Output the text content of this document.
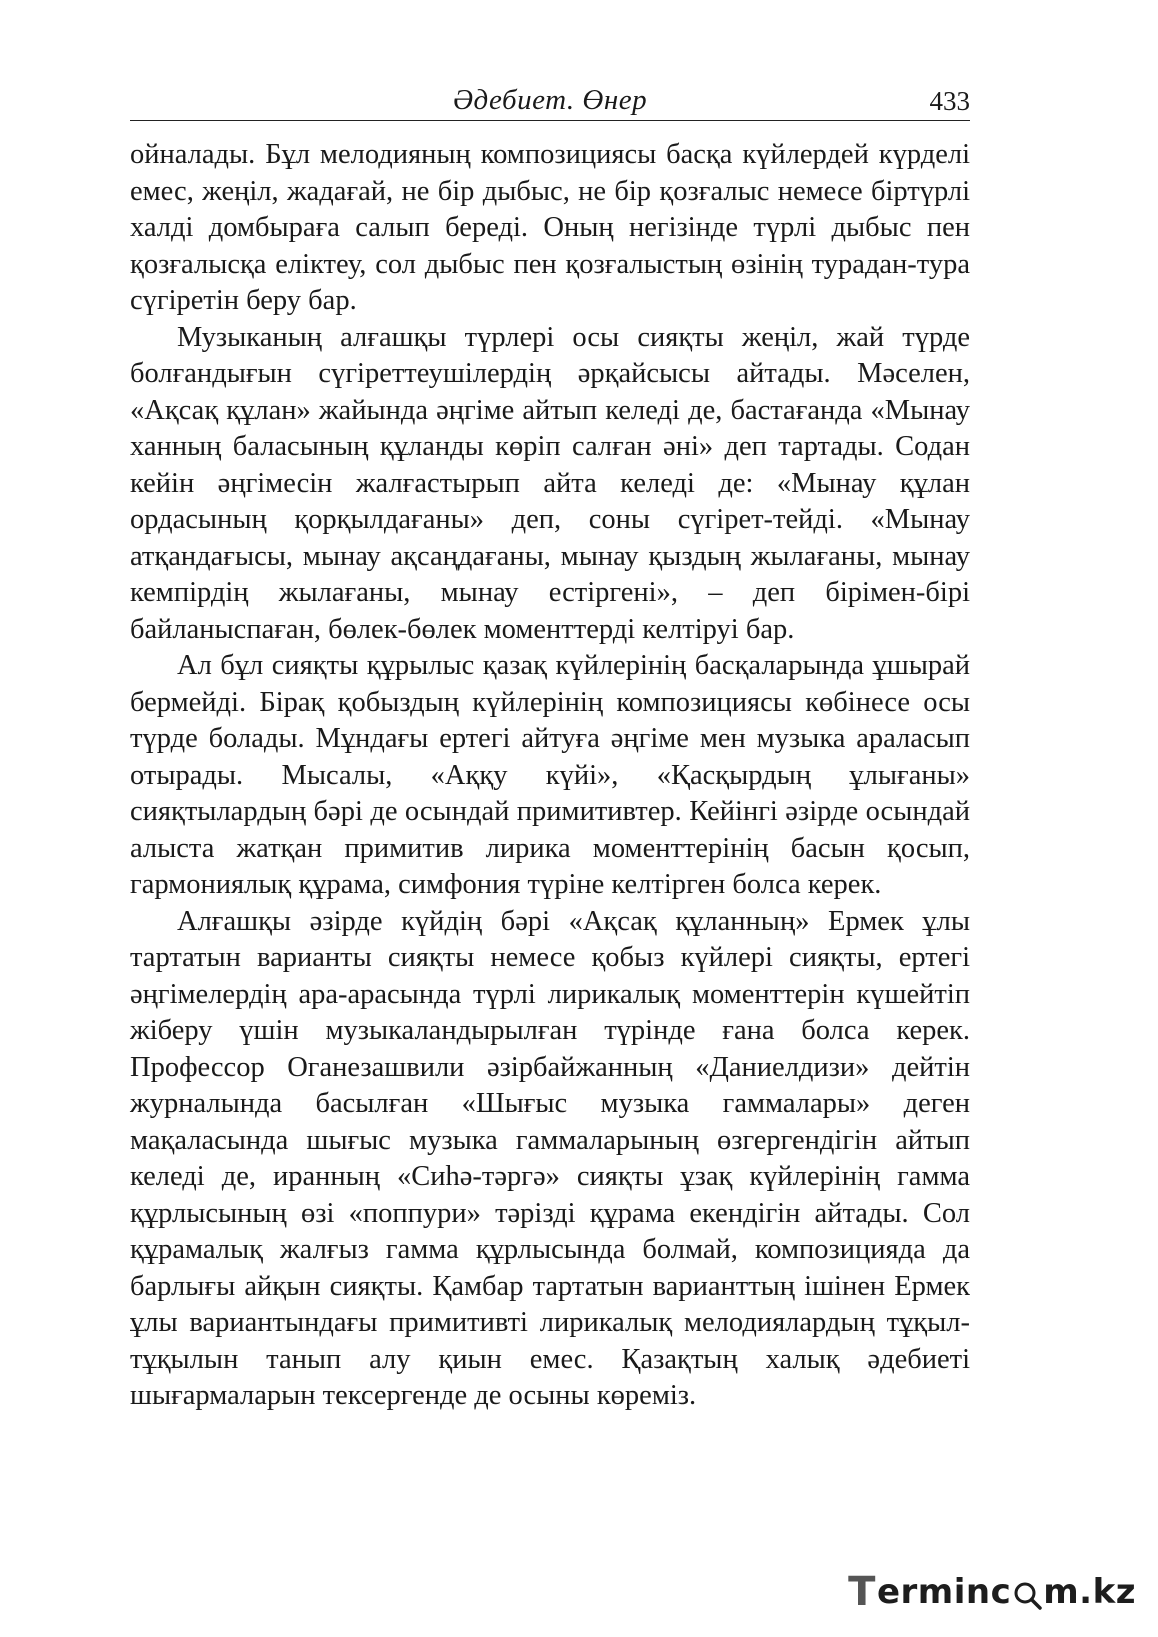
Әдебиет. Өнер	433

ойналады. Бұл мелодияның композициясы басқа күйлердей күрделі емес, жеңіл, жадағай, не бір дыбыс, не бір қозғалыс немесе біртүрлі халді домбыраға салып береді. Оның негізінде түрлі дыбыс пен қозғалысқа еліктеу, сол дыбыс пен қозғалыстың өзінің турадан-тура сүгіретін беру бар.

Музыканың алғашқы түрлері осы сияқты жеңіл, жай түрде болғандығын сүгіреттеушілердің әрқайсысы айтады. Мәселен, «Ақсақ құлан» жайында әңгіме айтып келеді де, бастағанда «Мынау ханның баласының құланды көріп салған әні» деп тартады. Содан кейін әңгімесін жалғастырып айта келеді де: «Мынау құлан ордасының қорқылдағаны» деп, соны сүгірет-тейді. «Мынау атқандағысы, мынау ақсаңдағаны, мынау қыздың жылағаны, мынау кемпірдің жылағаны, мынау естіргені», – деп бірімен-бірі байланыспаған, бөлек-бөлек моменттерді келтіруі бар.

Ал бұл сияқты құрылыс қазақ күйлерінің басқаларында ұшырай бермейді. Бірақ қобыздың күйлерінің композициясы көбінесе осы түрде болады. Мұндағы ертегі айтуға әңгіме мен музыка араласып отырады. Мысалы, «Аққу күйі», «Қасқырдың ұлығаны» сияқтылардың бәрі де осындай примитивтер. Кейінгі әзірде осындай алыста жатқан примитив лирика моменттерінің басын қосып, гармониялық құрама, симфония түріне келтірген болса керек.

Алғашқы әзірде күйдің бәрі «Ақсақ құланның» Ермек ұлы тартатын варианты сияқты немесе қобыз күйлері сияқты, ертегі әңгімелердің ара-арасында түрлі лирикалық моменттерін күшейтіп жіберу үшін музыкаландырылған түрінде ғана болса керек. Профессор Оганезашвили әзірбайжанның «Даниелдизи» дейтін журналында басылған «Шығыс музыка гаммалары» деген мақаласында шығыс музыка гаммаларының өзгергендігін айтып келеді де, иранның «Сиһә-тәргә» сияқты ұзақ күйлерінің гамма құрлысының өзі «поппури» тәрізді құрама екендігін айтады. Сол құрамалық жалғыз гамма құрлысында болмай, композицияда да барлығы айқын сияқты. Қамбар тартатын варианттың ішінен Ермек ұлы вариантындағы примитивті лирикалық мелодиялардың тұқыл-тұқылын танып алу қиын емес. Қазақтың халық әдебиеті шығармаларын тексергенде де осыны көреміз.

T erminc m.kz
